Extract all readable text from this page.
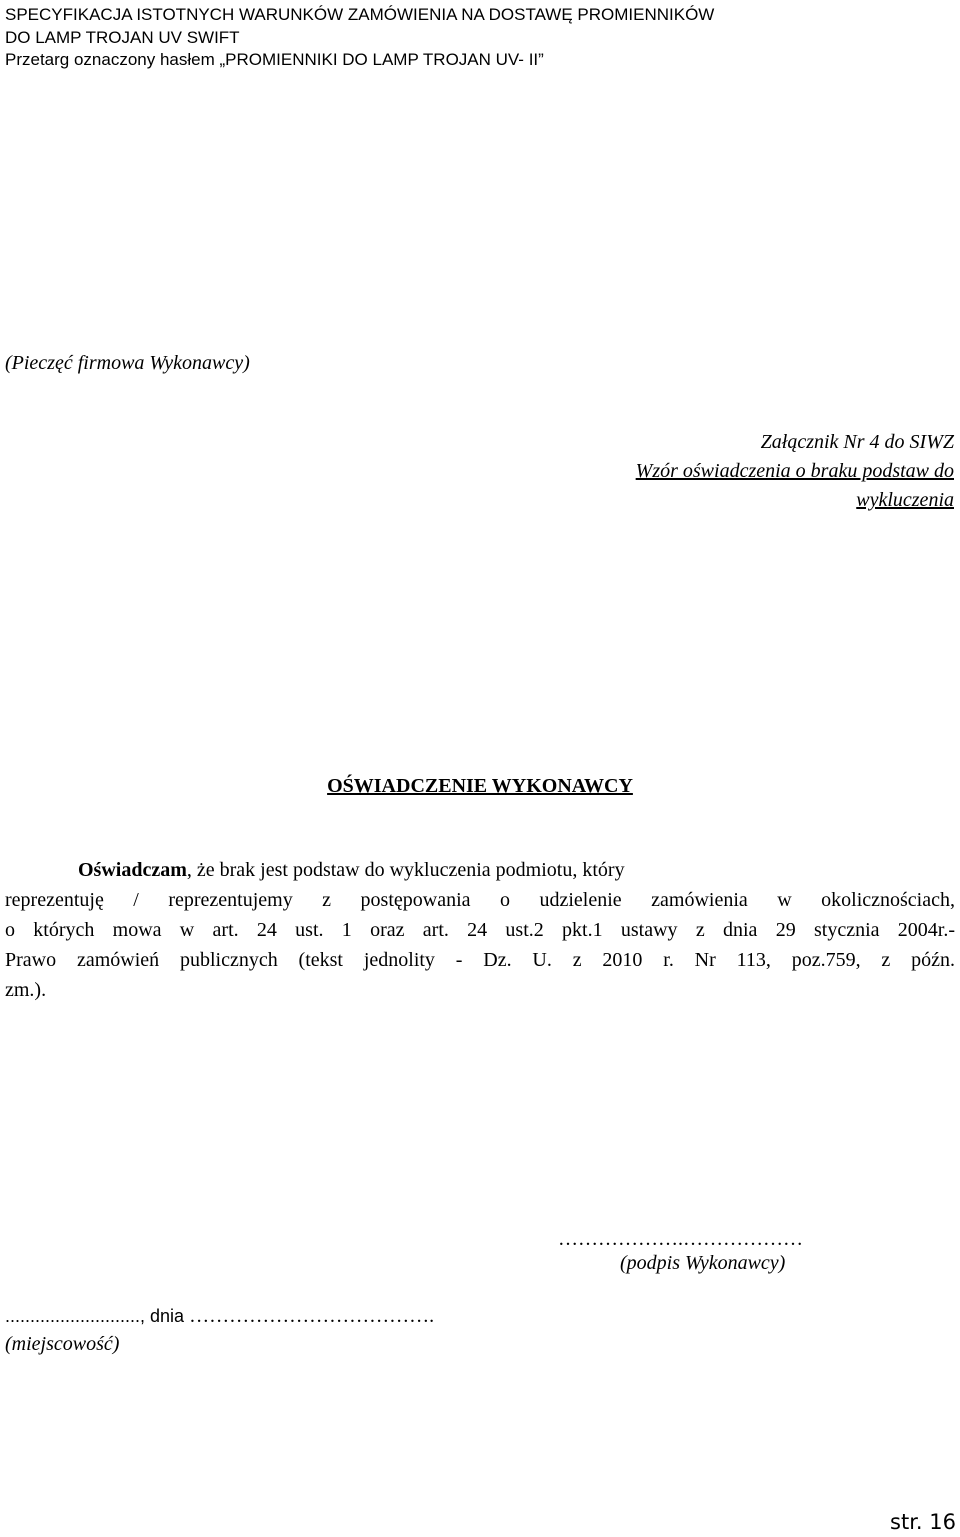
SPECYFIKACJA ISTOTNYCH WARUNKÓW ZAMÓWIENIA NA DOSTAWĘ PROMIENNIKÓW
DO LAMP TROJAN UV SWIFT
Przetarg oznaczony hasłem „PROMIENNIKI DO LAMP TROJAN UV- II”
(Pieczęć firmowa Wykonawcy)
Załącznik Nr 4 do SIWZ
Wzór oświadczenia o braku podstaw do
wykluczenia
OŚWIADCZENIE WYKONAWCY
Oświadczam, że brak jest podstaw do wykluczenia podmiotu, który
reprezentuję / reprezentujemy z postępowania o udzielenie zamówienia w okolicznościach,
o których mowa w art. 24 ust. 1 oraz art. 24 ust.2 pkt.1 ustawy z dnia 29 stycznia 2004r.-
Prawo zamówień publicznych (tekst jednolity - Dz. U. z 2010 r. Nr 113, poz.759, z późn.
zm.).
……………….………………
(podpis Wykonawcy)
..........................., dnia ……………………………….
(miejscowość)
str. 16
